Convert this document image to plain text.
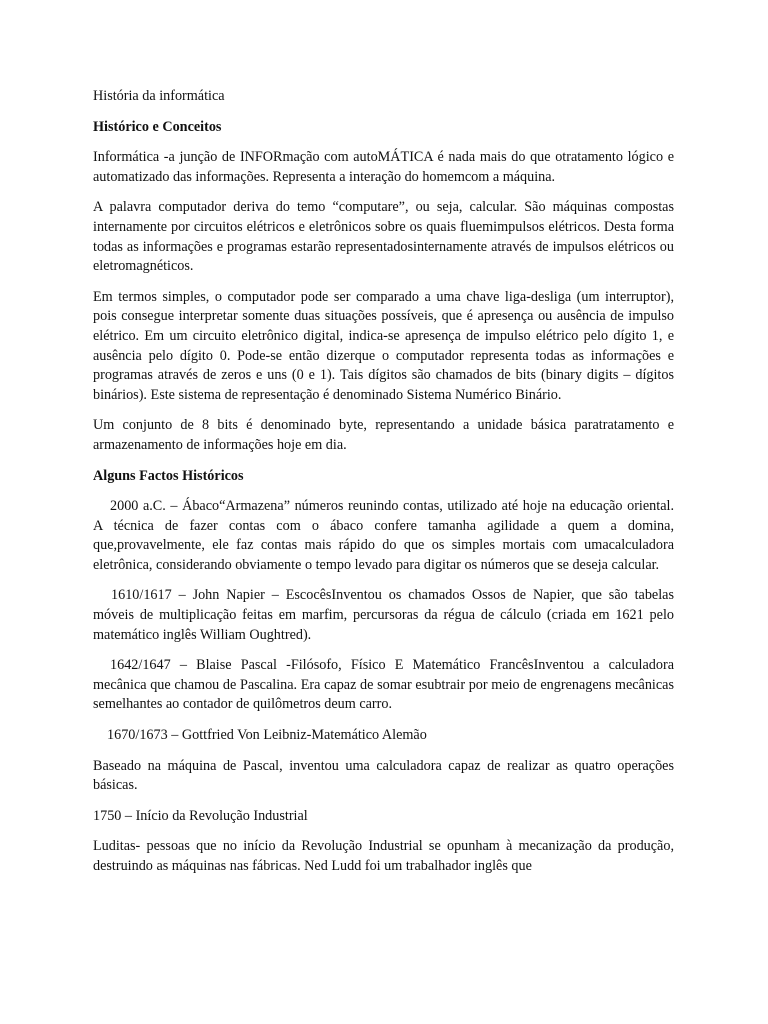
História da informática

Histórico e Conceitos

Informática -a junção de INFORmação com autoMÁTICA é nada mais do que otratamento lógico e automatizado das informações. Representa a interação do homemcom a máquina.

A palavra computador deriva do temo “computare”, ou seja, calcular. São máquinas compostas internamente por circuitos elétricos e eletrônicos sobre os quais fluemimpulsos elétricos. Desta forma todas as informações e programas estarão representadosinternamente através de impulsos elétricos ou eletromagnéticos.

Em termos simples, o computador pode ser comparado a uma chave liga-desliga (um interruptor), pois consegue interpretar somente duas situações possíveis, que é apresença ou ausência de impulso elétrico. Em um circuito eletrônico digital, indica-se apresença de impulso elétrico pelo dígito 1, e ausência pelo dígito 0. Pode-se então dizerque o computador representa todas as informações e programas através de zeros e uns (0 e 1). Tais dígitos são chamados de bits (binary digits – dígitos binários). Este sistema de representação é denominado Sistema Numérico Binário.

Um conjunto de 8 bits é denominado byte, representando a unidade básica paratratamento e armazenamento de informações hoje em dia.

Alguns Factos Históricos

2000 a.C. – Ábaco“Armazena” números reunindo contas, utilizado até hoje na educação oriental. A técnica de fazer contas com o ábaco confere tamanha agilidade a quem a domina, que,provavelmente, ele faz contas mais rápido do que os simples mortais com umacalculadora eletrônica, considerando obviamente o tempo levado para digitar os números que se deseja calcular.

1610/1617 – John Napier – EscocêsInventou os chamados Ossos de Napier, que são tabelas móveis de multiplicação feitas em marfim, percursoras da régua de cálculo (criada em 1621 pelo matemático inglês William Oughtred).

1642/1647 – Blaise Pascal -Filósofo, Físico E Matemático FrancêsInventou a calculadora mecânica que chamou de Pascalina. Era capaz de somar esubtrair por meio de engrenagens mecânicas semelhantes ao contador de quilômetros deum carro.

1670/1673 – Gottfried Von Leibniz-Matemático Alemão

Baseado na máquina de Pascal, inventou uma calculadora capaz de realizar as quatro operações básicas.

1750 – Início da Revolução Industrial

Luditas- pessoas que no início da Revolução Industrial se opunham à mecanização da produção, destruindo as máquinas nas fábricas. Ned Ludd foi um trabalhador inglês que
